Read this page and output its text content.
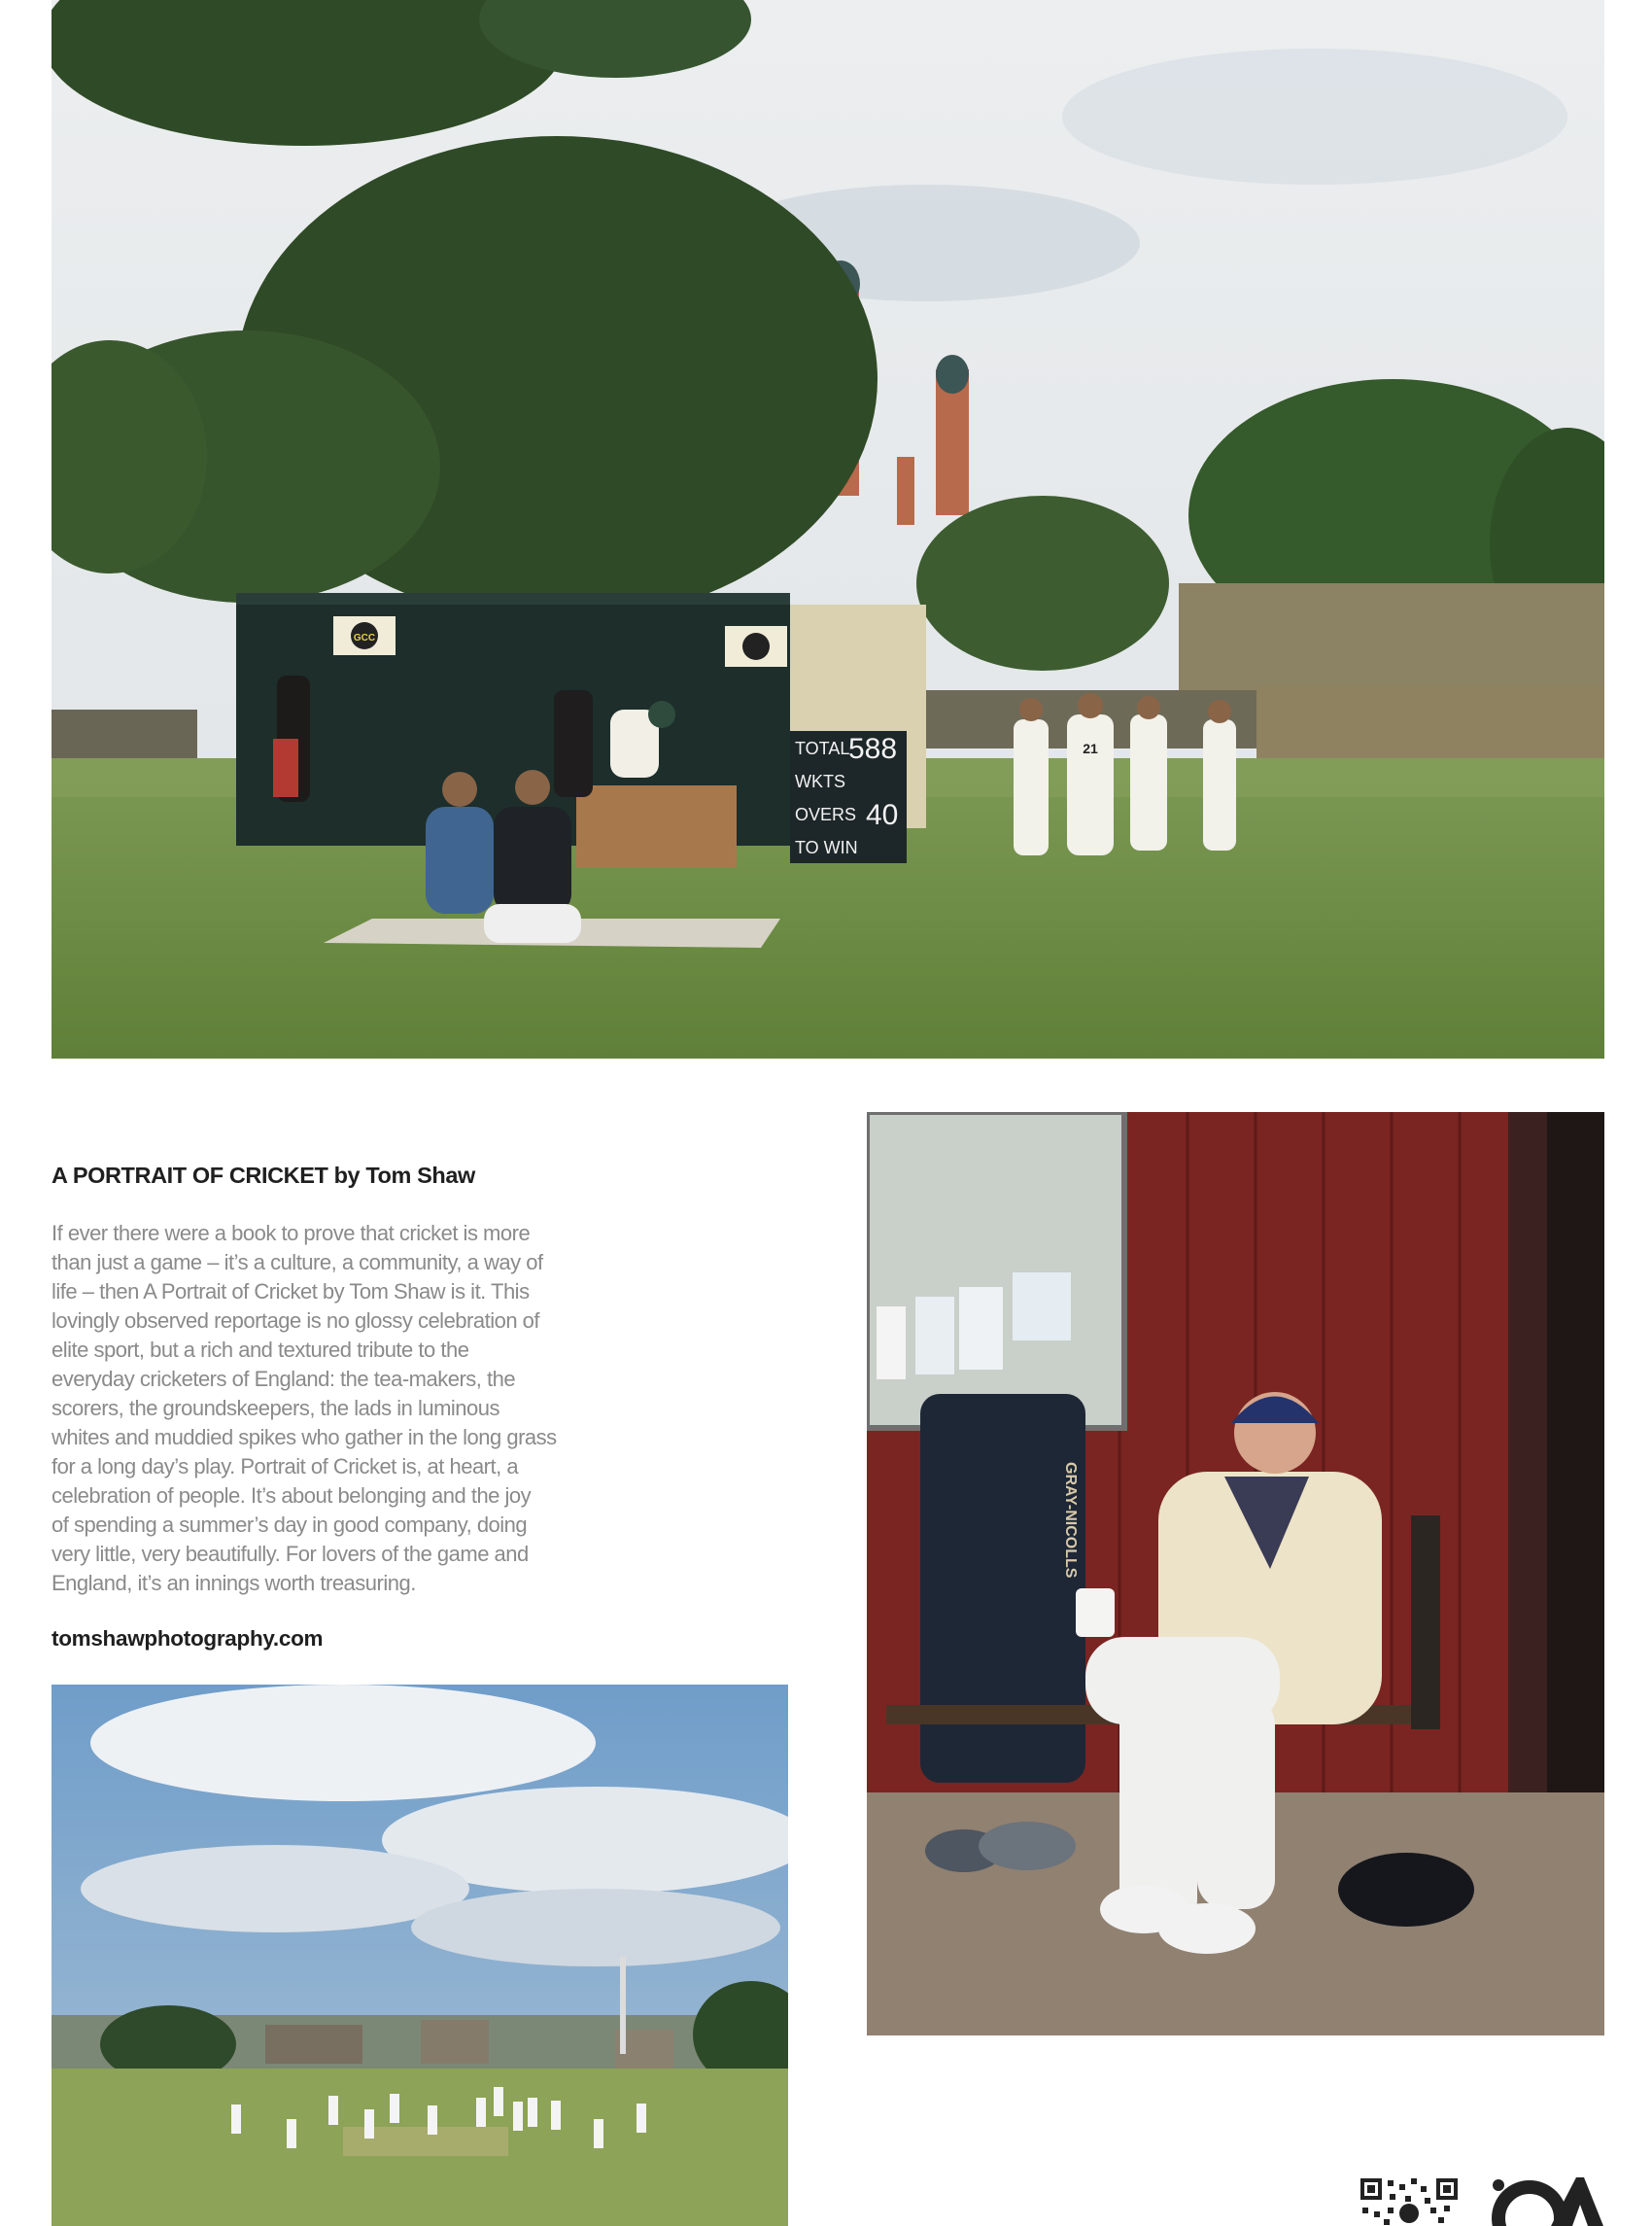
GCC
TOTAL
588
WKTS
OVERS 40
TO WIN
21
A PORTRAIT OF CRICKET by Tom Shaw

If ever there were a book to prove that cricket is more
than just a game – it’s a culture, a community, a way of
life – then A Portrait of Cricket by Tom Shaw is it. This
lovingly observed reportage is no glossy celebration of
elite sport, but a rich and textured tribute to the
everyday cricketers of England: the tea-makers, the
scorers, the groundskeepers, the lads in luminous
whites and muddied spikes who gather in the long grass
for a long day’s play. Portrait of Cricket is, at heart, a
celebration of people. It’s about belonging and the joy
of spending a summer’s day in good company, doing
very little, very beautifully. For lovers of the game and
England, it’s an innings worth treasuring.

tomshawphotography.com
GRAY-NICOLLS
